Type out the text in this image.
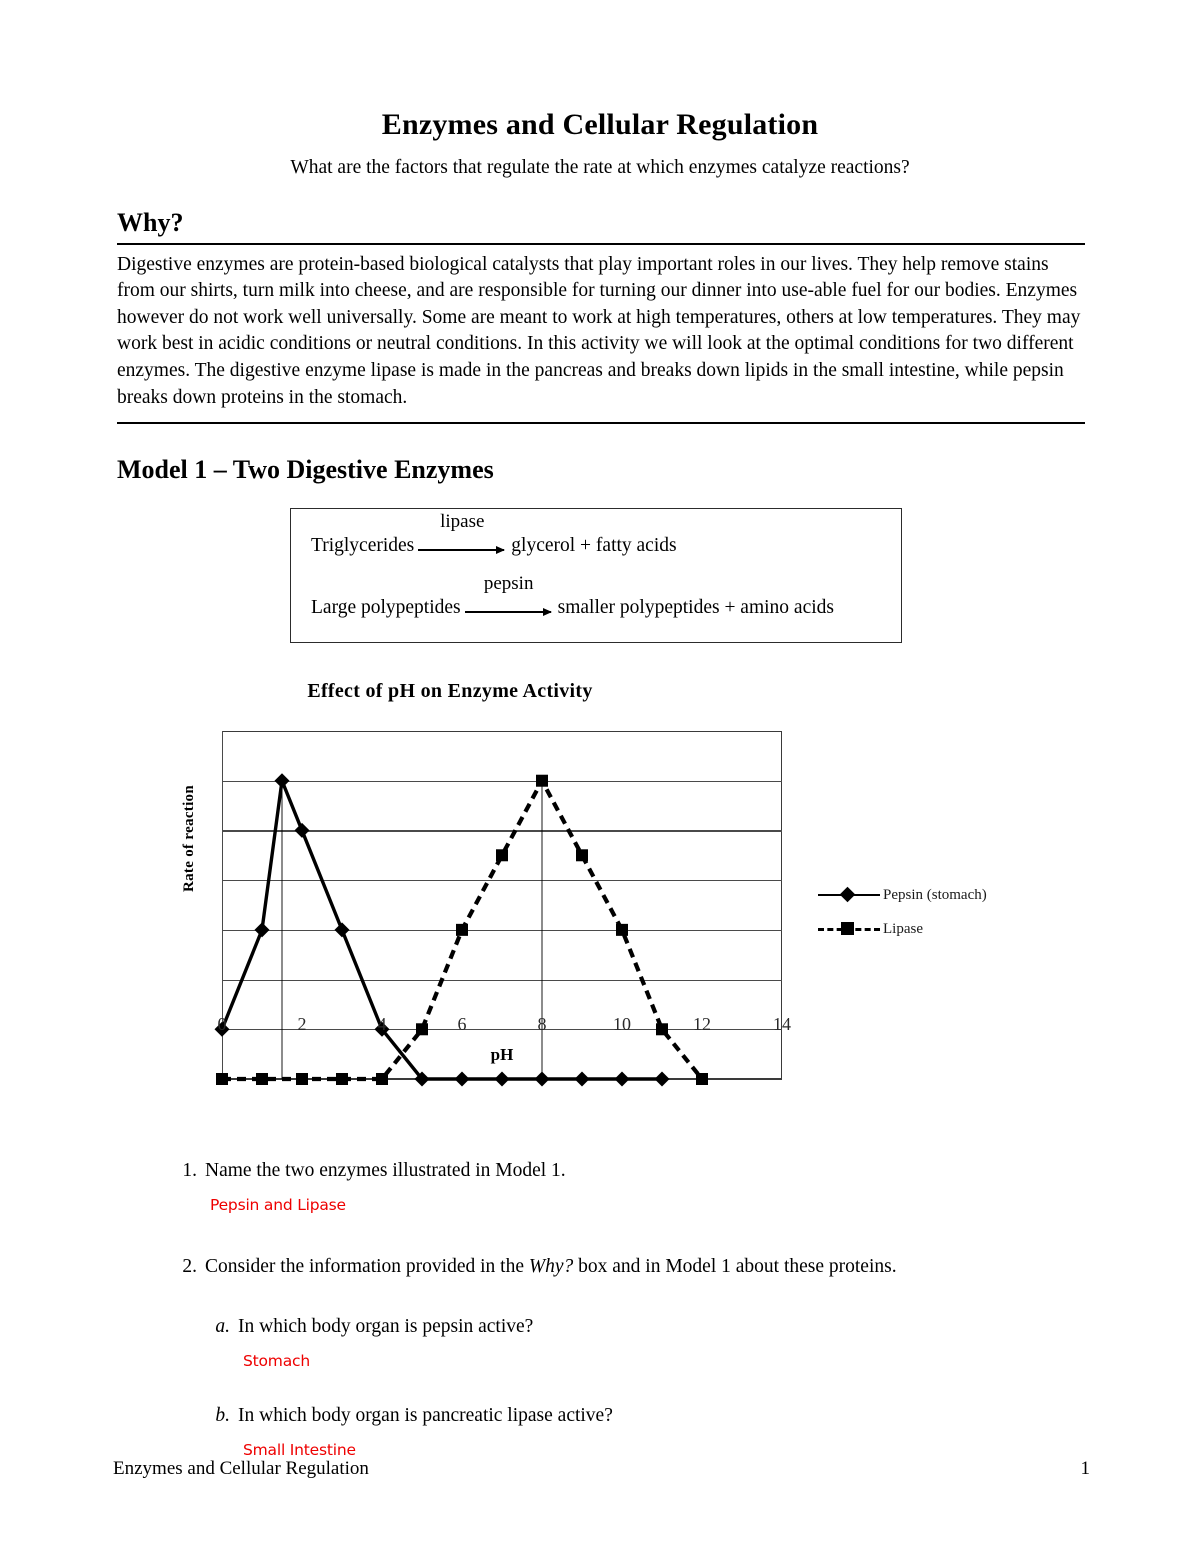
Enzymes and Cellular Regulation
What are the factors that regulate the rate at which enzymes catalyze reactions?
Why?

Digestive enzymes are protein-based biological catalysts that play important roles in our lives. They help remove stains from our shirts, turn milk into cheese, and are responsible for turning our dinner into use-able fuel for our bodies. Enzymes however do not work well universally. Some are meant to work at high temperatures, others at low temperatures. They may work best in acidic conditions or neutral conditions. In this activity we will look at the optimal conditions for two different enzymes. The digestive enzyme lipase is made in the pancreas and breaks down lipids in the small intestine, while pepsin breaks down proteins in the stomach.

Model 1 – Two Digestive Enzymes
Triglycerides
lipase
glycerol + fatty acids
Large polypeptides
pepsin
smaller polypeptides + amino acids
Effect of pH on Enzyme Activity
Rate of reaction
0	2	4	6	8	10	12	14
pH
Pepsin (stomach)
Lipase
1. Name the two enzymes illustrated in Model 1.
Pepsin and Lipase
2. Consider the information provided in the Why? box and in Model 1 about these proteins.
a. In which body organ is pepsin active?
Stomach
b. In which body organ is pancreatic lipase active?
Small Intestine
Enzymes and Cellular Regulation	1
